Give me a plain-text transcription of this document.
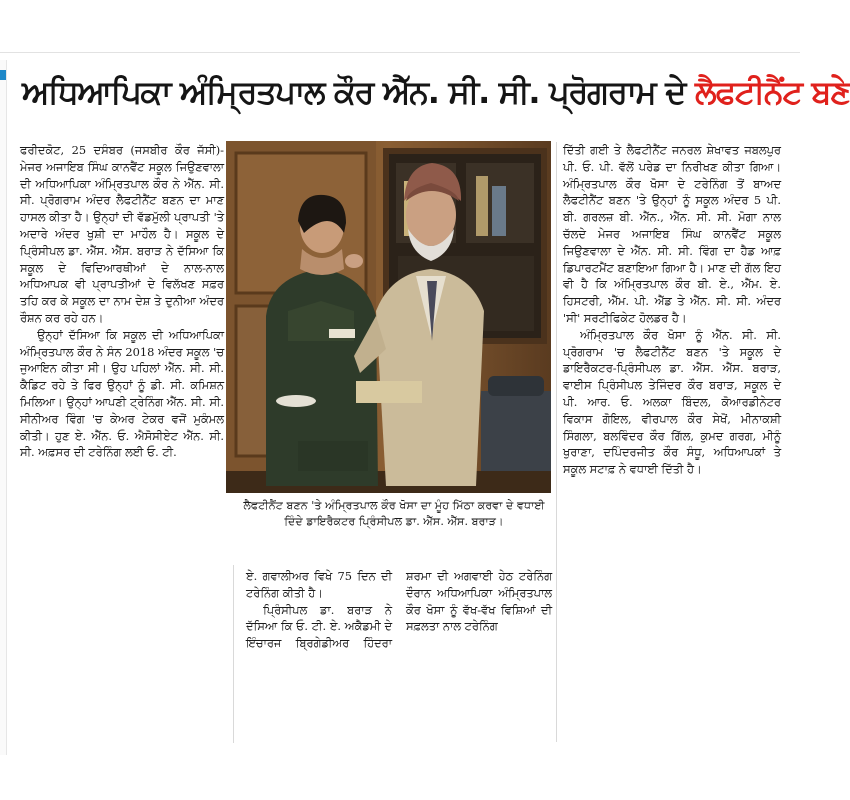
ਅਧਿਆਪਿਕਾ ਅੰਮ੍ਰਿਤਪਾਲ ਕੌਰ ਐੱਨ. ਸੀ. ਸੀ. ਪ੍ਰੋਗਰਾਮ ਦੇ ਲੈਫਟੀਨੈਂਟ ਬਣੇ

ਫਰੀਦਕੋਟ, 25 ਦਸੰਬਰ (ਜਸਬੀਰ ਕੌਰ ਜੱਸੀ)-ਮੇਜਰ ਅਜਾਇਬ ਸਿੰਘ ਕਾਨਵੈਂਟ ਸਕੂਲ ਜਿਉਣਵਾਲਾ ਦੀ ਅਧਿਆਪਿਕਾ ਅੰਮ੍ਰਿਤਪਾਲ ਕੌਰ ਨੇ ਐੱਨ. ਸੀ. ਸੀ. ਪ੍ਰੋਗਰਾਮ ਅੰਦਰ ਲੈਫਟੀਨੈਂਟ ਬਣਨ ਦਾ ਮਾਣ ਹਾਸਲ ਕੀਤਾ ਹੈ। ਉਨ੍ਹਾਂ ਦੀ ਵੱਡਮੁੱਲੀ ਪ੍ਰਾਪਤੀ 'ਤੇ ਅਦਾਰੇ ਅੰਦਰ ਖੁਸ਼ੀ ਦਾ ਮਾਹੌਲ ਹੈ। ਸਕੂਲ ਦੇ ਪ੍ਰਿੰਸੀਪਲ ਡਾ. ਐੱਸ. ਐੱਸ. ਬਰਾੜ ਨੇ ਦੱਸਿਆ ਕਿ ਸਕੂਲ ਦੇ ਵਿਦਿਆਰਥੀਆਂ ਦੇ ਨਾਲ-ਨਾਲ ਅਧਿਆਪਕ ਵੀ ਪ੍ਰਾਪਤੀਆਂ ਦੇ ਵਿਲੱਖਣ ਸਫ਼ਰ ਤਹਿ ਕਰ ਕੇ ਸਕੂਲ ਦਾ ਨਾਮ ਦੇਸ਼ ਤੇ ਦੁਨੀਆ ਅੰਦਰ ਰੌਸ਼ਨ ਕਰ ਰਹੇ ਹਨ।

ਉਨ੍ਹਾਂ ਦੱਸਿਆ ਕਿ ਸਕੂਲ ਦੀ ਅਧਿਆਪਿਕਾ ਅੰਮ੍ਰਿਤਪਾਲ ਕੌਰ ਨੇ ਸੰਨ 2018 ਅੰਦਰ ਸਕੂਲ 'ਚ ਜੁਆਇਨ ਕੀਤਾ ਸੀ। ਉਹ ਪਹਿਲਾਂ ਐੱਨ. ਸੀ. ਸੀ. ਕੈਡਿਟ ਰਹੇ ਤੇ ਫਿਰ ਉਨ੍ਹਾਂ ਨੂੰ ਡੀ. ਸੀ. ਕਮਿਸ਼ਨ ਮਿਲਿਆ। ਉਨ੍ਹਾਂ ਆਪਣੀ ਟ੍ਰੇਨਿੰਗ ਐੱਨ. ਸੀ. ਸੀ. ਸੀਨੀਅਰ ਵਿੰਗ 'ਚ ਕੇਅਰ ਟੇਕਰ ਵਜੋਂ ਮੁਕੰਮਲ ਕੀਤੀ। ਹੁਣ ਏ. ਐੱਨ. ਓ. ਐਸੋਸੀਏਟ ਐੱਨ. ਸੀ. ਸੀ. ਅਫ਼ਸਰ ਦੀ ਟਰੇਨਿੰਗ ਲਈ ਓ. ਟੀ.

ਲੈਫਟੀਨੈਂਟ ਬਣਨ 'ਤੇ ਅੰਮ੍ਰਿਤਪਾਲ ਕੌਰ ਖੋਸਾ ਦਾ ਮੂੰਹ ਮਿੱਠਾ ਕਰਵਾ ਦੇ ਵਧਾਈ ਦਿੰਦੇ ਡਾਇਰੈਕਟਰ ਪ੍ਰਿੰਸੀਪਲ ਡਾ. ਐੱਸ. ਐੱਸ. ਬਰਾੜ।

ਏ. ਗਵਾਲੀਅਰ ਵਿਖੇ 75 ਦਿਨ ਦੀ ਟਰੇਨਿੰਗ ਕੀਤੀ ਹੈ।

ਪ੍ਰਿੰਸੀਪਲ ਡਾ. ਬਰਾੜ ਨੇ ਦੱਸਿਆ ਕਿ ਓ. ਟੀ. ਏ. ਅਕੈਡਮੀ ਦੇ ਇੰਚਾਰਜ ਬ੍ਰਿਗੇਡੀਅਰ ਹਿੰਦਰਾ ਸ਼ਰਮਾ ਦੀ ਅਗਵਾਈ ਹੇਠ ਟਰੇਨਿੰਗ ਦੌਰਾਨ ਅਧਿਆਪਿਕਾ ਅੰਮ੍ਰਿਤਪਾਲ ਕੌਰ ਖੋਸਾ ਨੂੰ ਵੱਖ-ਵੱਖ ਵਿਸ਼ਿਆਂ ਦੀ ਸਫ਼ਲਤਾ ਨਾਲ ਟਰੇਨਿੰਗ

ਦਿੱਤੀ ਗਈ ਤੇ ਲੈਫਟੀਨੈਂਟ ਜਨਰਲ ਸ਼ੇਖਾਵਤ ਜਬਲਪੁਰ ਪੀ. ਓ. ਪੀ. ਵੱਲੋਂ ਪਰੇਡ ਦਾ ਨਿਰੀਖਣ ਕੀਤਾ ਗਿਆ। ਅੰਮ੍ਰਿਤਪਾਲ ਕੌਰ ਖੋਸਾ ਦੇ ਟਰੇਨਿੰਗ ਤੋਂ ਬਾਅਦ ਲੈਫਟੀਨੈਂਟ ਬਣਨ 'ਤੇ ਉਨ੍ਹਾਂ ਨੂੰ ਸਕੂਲ ਅੰਦਰ 5 ਪੀ. ਬੀ. ਗਰਲਜ਼ ਬੀ. ਐੱਨ., ਐੱਨ. ਸੀ. ਸੀ. ਮੋਗਾ ਨਾਲ ਚੱਲਦੇ ਮੇਜਰ ਅਜਾਇਬ ਸਿੰਘ ਕਾਨਵੈਂਟ ਸਕੂਲ ਜਿਉਣਵਾਲਾ ਦੇ ਐੱਨ. ਸੀ. ਸੀ. ਵਿੰਗ ਦਾ ਹੈਡ ਆਫ਼ ਡਿਪਾਰਟਮੈਂਟ ਬਣਾਇਆ ਗਿਆ ਹੈ। ਮਾਣ ਦੀ ਗੱਲ ਇਹ ਵੀ ਹੈ ਕਿ ਅੰਮ੍ਰਿਤਪਾਲ ਕੌਰ ਬੀ. ਏ., ਐੱਮ. ਏ. ਹਿਸਟਰੀ, ਐੱਮ. ਪੀ. ਐੱਡ ਤੇ ਐੱਨ. ਸੀ. ਸੀ. ਅੰਦਰ 'ਸੀ' ਸਰਟੀਫਿਕੇਟ ਹੋਲਡਰ ਹੈ।

ਅੰਮ੍ਰਿਤਪਾਲ ਕੌਰ ਖੋਸਾ ਨੂੰ ਐੱਨ. ਸੀ. ਸੀ. ਪ੍ਰੋਗਰਾਮ 'ਚ ਲੈਫਟੀਨੈਂਟ ਬਣਨ 'ਤੇ ਸਕੂਲ ਦੇ ਡਾਇਰੈਕਟਰ-ਪ੍ਰਿੰਸੀਪਲ ਡਾ. ਐੱਸ. ਐੱਸ. ਬਰਾੜ, ਵਾਈਸ ਪ੍ਰਿੰਸੀਪਲ ਤੇਜਿੰਦਰ ਕੌਰ ਬਰਾੜ, ਸਕੂਲ ਦੇ ਪੀ. ਆਰ. ਓ. ਅਲਕਾ ਬਿੰਦਲ, ਕੋਆਰਡੀਨੇਟਰ ਵਿਕਾਸ ਗੋਇਲ, ਵੀਰਪਾਲ ਕੌਰ ਸੇਖੋਂ, ਮੀਨਾਕਸ਼ੀ ਸਿੰਗਲਾ, ਬਲਵਿੰਦਰ ਕੌਰ ਗਿੱਲ, ਕੁਮਦ ਗਰਗ, ਮੀਨੂੰ ਖੁਰਾਣਾ, ਦਪਿੰਦਰਜੀਤ ਕੌਰ ਸੰਧੂ, ਅਧਿਆਪਕਾਂ ਤੇ ਸਕੂਲ ਸਟਾਫ਼ ਨੇ ਵਧਾਈ ਦਿੱਤੀ ਹੈ।
